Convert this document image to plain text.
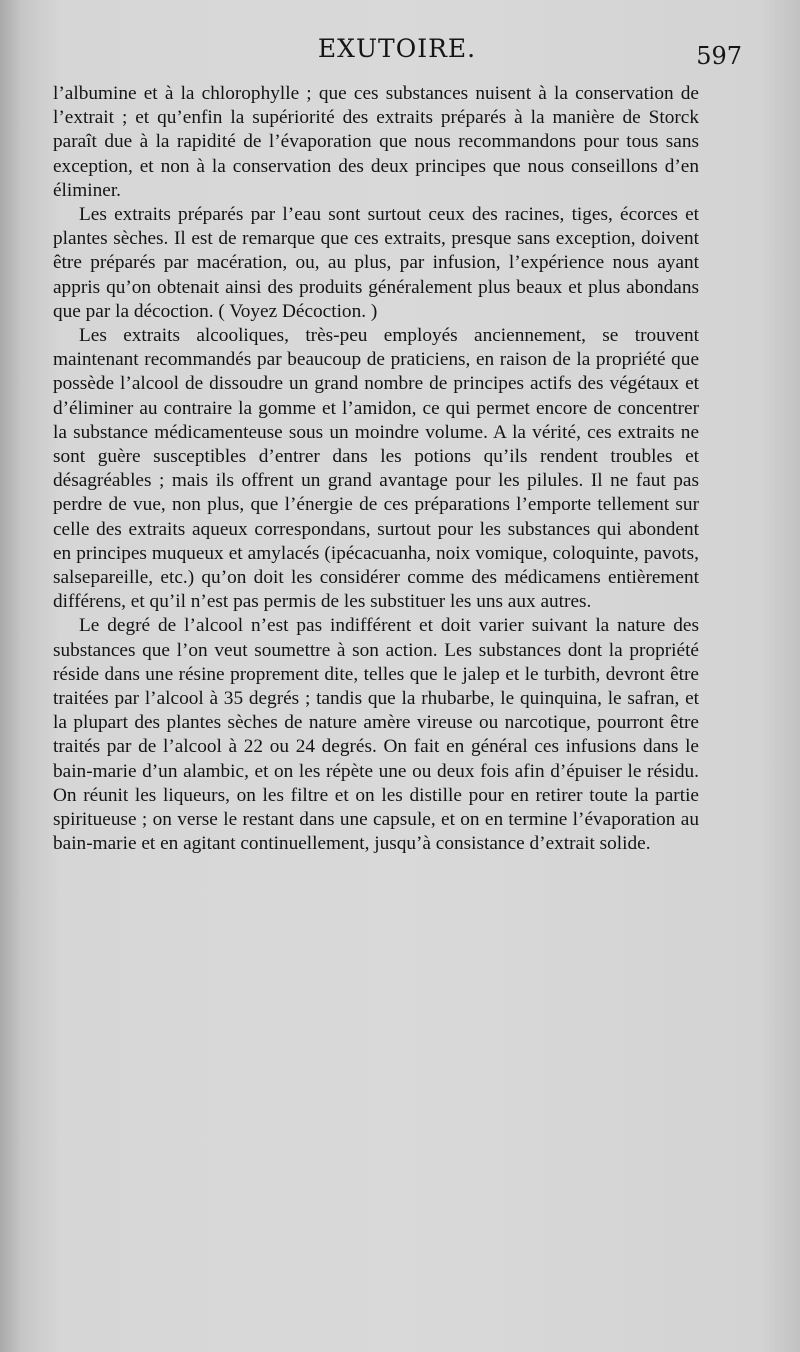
EXUTOIRE.	597

l’albumine et à la chlorophylle ; que ces substances nuisent à la conservation de l’extrait ; et qu’enfin la supériorité des extraits préparés à la manière de Storck paraît due à la rapidité de l’évaporation que nous recommandons pour tous sans exception, et non à la conservation des deux principes que nous conseillons d’en éliminer.

Les extraits préparés par l’eau sont surtout ceux des racines, tiges, écorces et plantes sèches. Il est de remarque que ces extraits, presque sans exception, doivent être préparés par macération, ou, au plus, par infusion, l’expérience nous ayant appris qu’on obtenait ainsi des produits généralement plus beaux et plus abondans que par la décoction. ( Voyez Décoction. )

Les extraits alcooliques, très-peu employés anciennement, se trouvent maintenant recommandés par beaucoup de praticiens, en raison de la propriété que possède l’alcool de dissoudre un grand nombre de principes actifs des végétaux et d’éliminer au contraire la gomme et l’amidon, ce qui permet encore de concentrer la substance médicamenteuse sous un moindre volume. A la vérité, ces extraits ne sont guère susceptibles d’entrer dans les potions qu’ils rendent troubles et désagréables ; mais ils offrent un grand avantage pour les pilules. Il ne faut pas perdre de vue, non plus, que l’énergie de ces préparations l’emporte tellement sur celle des extraits aqueux correspondans, surtout pour les substances qui abondent en principes muqueux et amylacés (ipécacuanha, noix vomique, coloquinte, pavots, salsepareille, etc.) qu’on doit les considérer comme des médicamens entièrement différens, et qu’il n’est pas permis de les substituer les uns aux autres.

Le degré de l’alcool n’est pas indifférent et doit varier suivant la nature des substances que l’on veut soumettre à son action. Les substances dont la propriété réside dans une résine proprement dite, telles que le jalep et le turbith, devront être traitées par l’alcool à 35 degrés ; tandis que la rhubarbe, le quinquina, le safran, et la plupart des plantes sèches de nature amère vireuse ou narcotique, pourront être traités par de l’alcool à 22 ou 24 degrés. On fait en général ces infusions dans le bain-marie d’un alambic, et on les répète une ou deux fois afin d’épuiser le résidu. On réunit les liqueurs, on les filtre et on les distille pour en retirer toute la partie spiritueuse ; on verse le restant dans une capsule, et on en termine l’évaporation au bain-marie et en agitant continuellement, jusqu’à consistance d’extrait solide.
